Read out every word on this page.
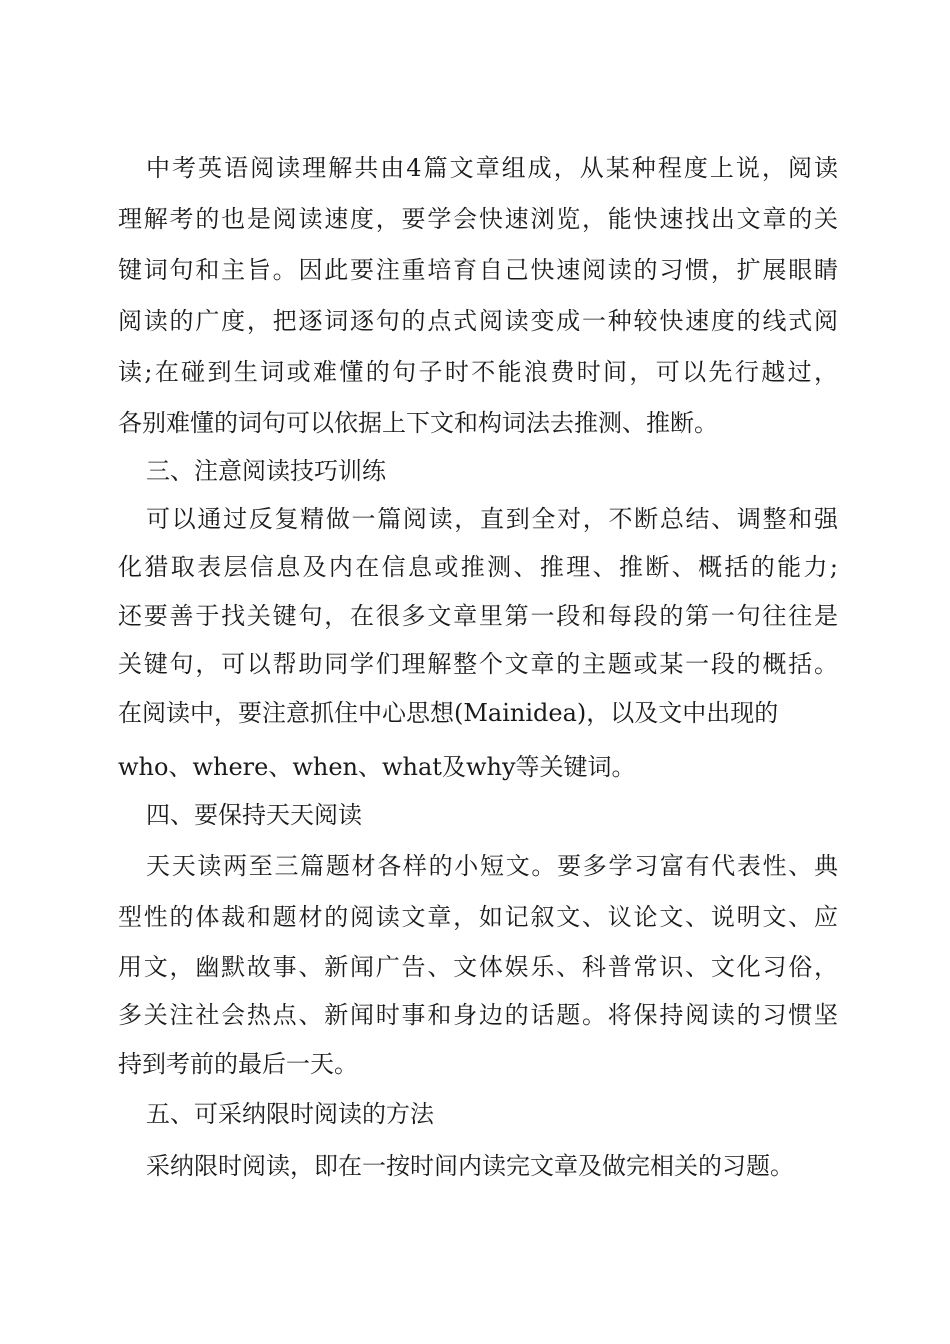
中考英语阅读理解共由4篇文章组成，从某种程度上说，阅读

理解考的也是阅读速度，要学会快速浏览，能快速找出文章的关

键词句和主旨。因此要注重培育自己快速阅读的习惯，扩展眼睛

阅读的广度，把逐词逐句的点式阅读变成一种较快速度的线式阅

读;在碰到生词或难懂的句子时不能浪费时间，可以先行越过，

各别难懂的词句可以依据上下文和构词法去推测、推断。

三、注意阅读技巧训练

可以通过反复精做一篇阅读，直到全对，不断总结、调整和强

化猎取表层信息及内在信息或推测、推理、推断、概括的能力;

还要善于找关键句，在很多文章里第一段和每段的第一句往往是

关键句，可以帮助同学们理解整个文章的主题或某一段的概括。

在阅读中，要注意抓住中心思想(Mainidea)，以及文中出现的

who、where、when、what及why等关键词。

四、要保持天天阅读

天天读两至三篇题材各样的小短文。要多学习富有代表性、典

型性的体裁和题材的阅读文章，如记叙文、议论文、说明文、应

用文，幽默故事、新闻广告、文体娱乐、科普常识、文化习俗，

多关注社会热点、新闻时事和身边的话题。将保持阅读的习惯坚

持到考前的最后一天。

五、可采纳限时阅读的方法

采纳限时阅读，即在一按时间内读完文章及做完相关的习题。
